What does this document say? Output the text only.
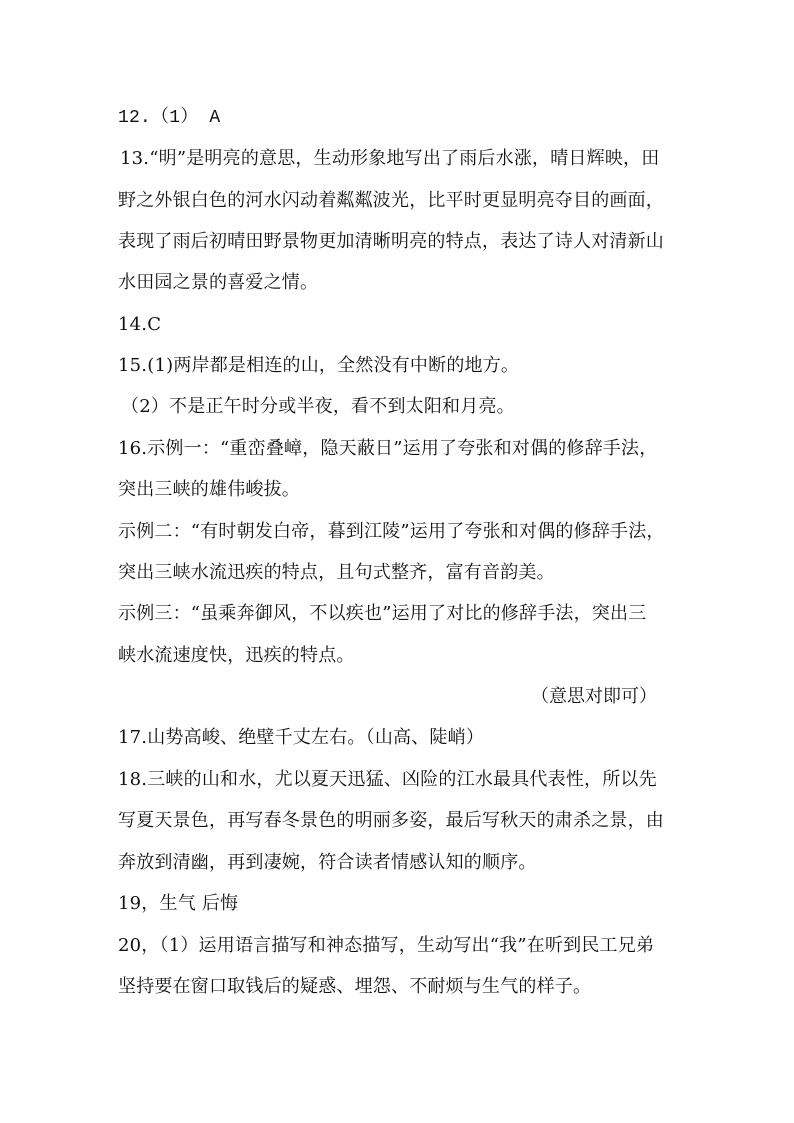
12.（1） A
13.“明”是明亮的意思，生动形象地写出了雨后水涨，晴日辉映，田
野之外银白色的河水闪动着粼粼波光，比平时更显明亮夺目的画面，
表现了雨后初晴田野景物更加清晰明亮的特点，表达了诗人对清新山
水田园之景的喜爱之情。
14.C
15.(1)两岸都是相连的山，全然没有中断的地方。
（2）不是正午时分或半夜，看不到太阳和月亮。
16.示例一：“重峦叠嶂，隐天蔽日”运用了夸张和对偶的修辞手法，
突出三峡的雄伟峻拔。
示例二：“有时朝发白帝，暮到江陵”运用了夸张和对偶的修辞手法，
突出三峡水流迅疾的特点，且句式整齐，富有音韵美。
示例三：“虽乘奔御风，不以疾也”运用了对比的修辞手法，突出三
峡水流速度快，迅疾的特点。
（意思对即可）
17.山势高峻、绝壁千丈左右。（山高、陡峭）
18.三峡的山和水，尤以夏天迅猛、凶险的江水最具代表性，所以先
写夏天景色，再写春冬景色的明丽多姿，最后写秋天的肃杀之景，由
奔放到清幽，再到凄婉，符合读者情感认知的顺序。
19，生气 后悔
20，（1）运用语言描写和神态描写，生动写出“我”在听到民工兄弟
坚持要在窗口取钱后的疑惑、埋怨、不耐烦与生气的样子。
